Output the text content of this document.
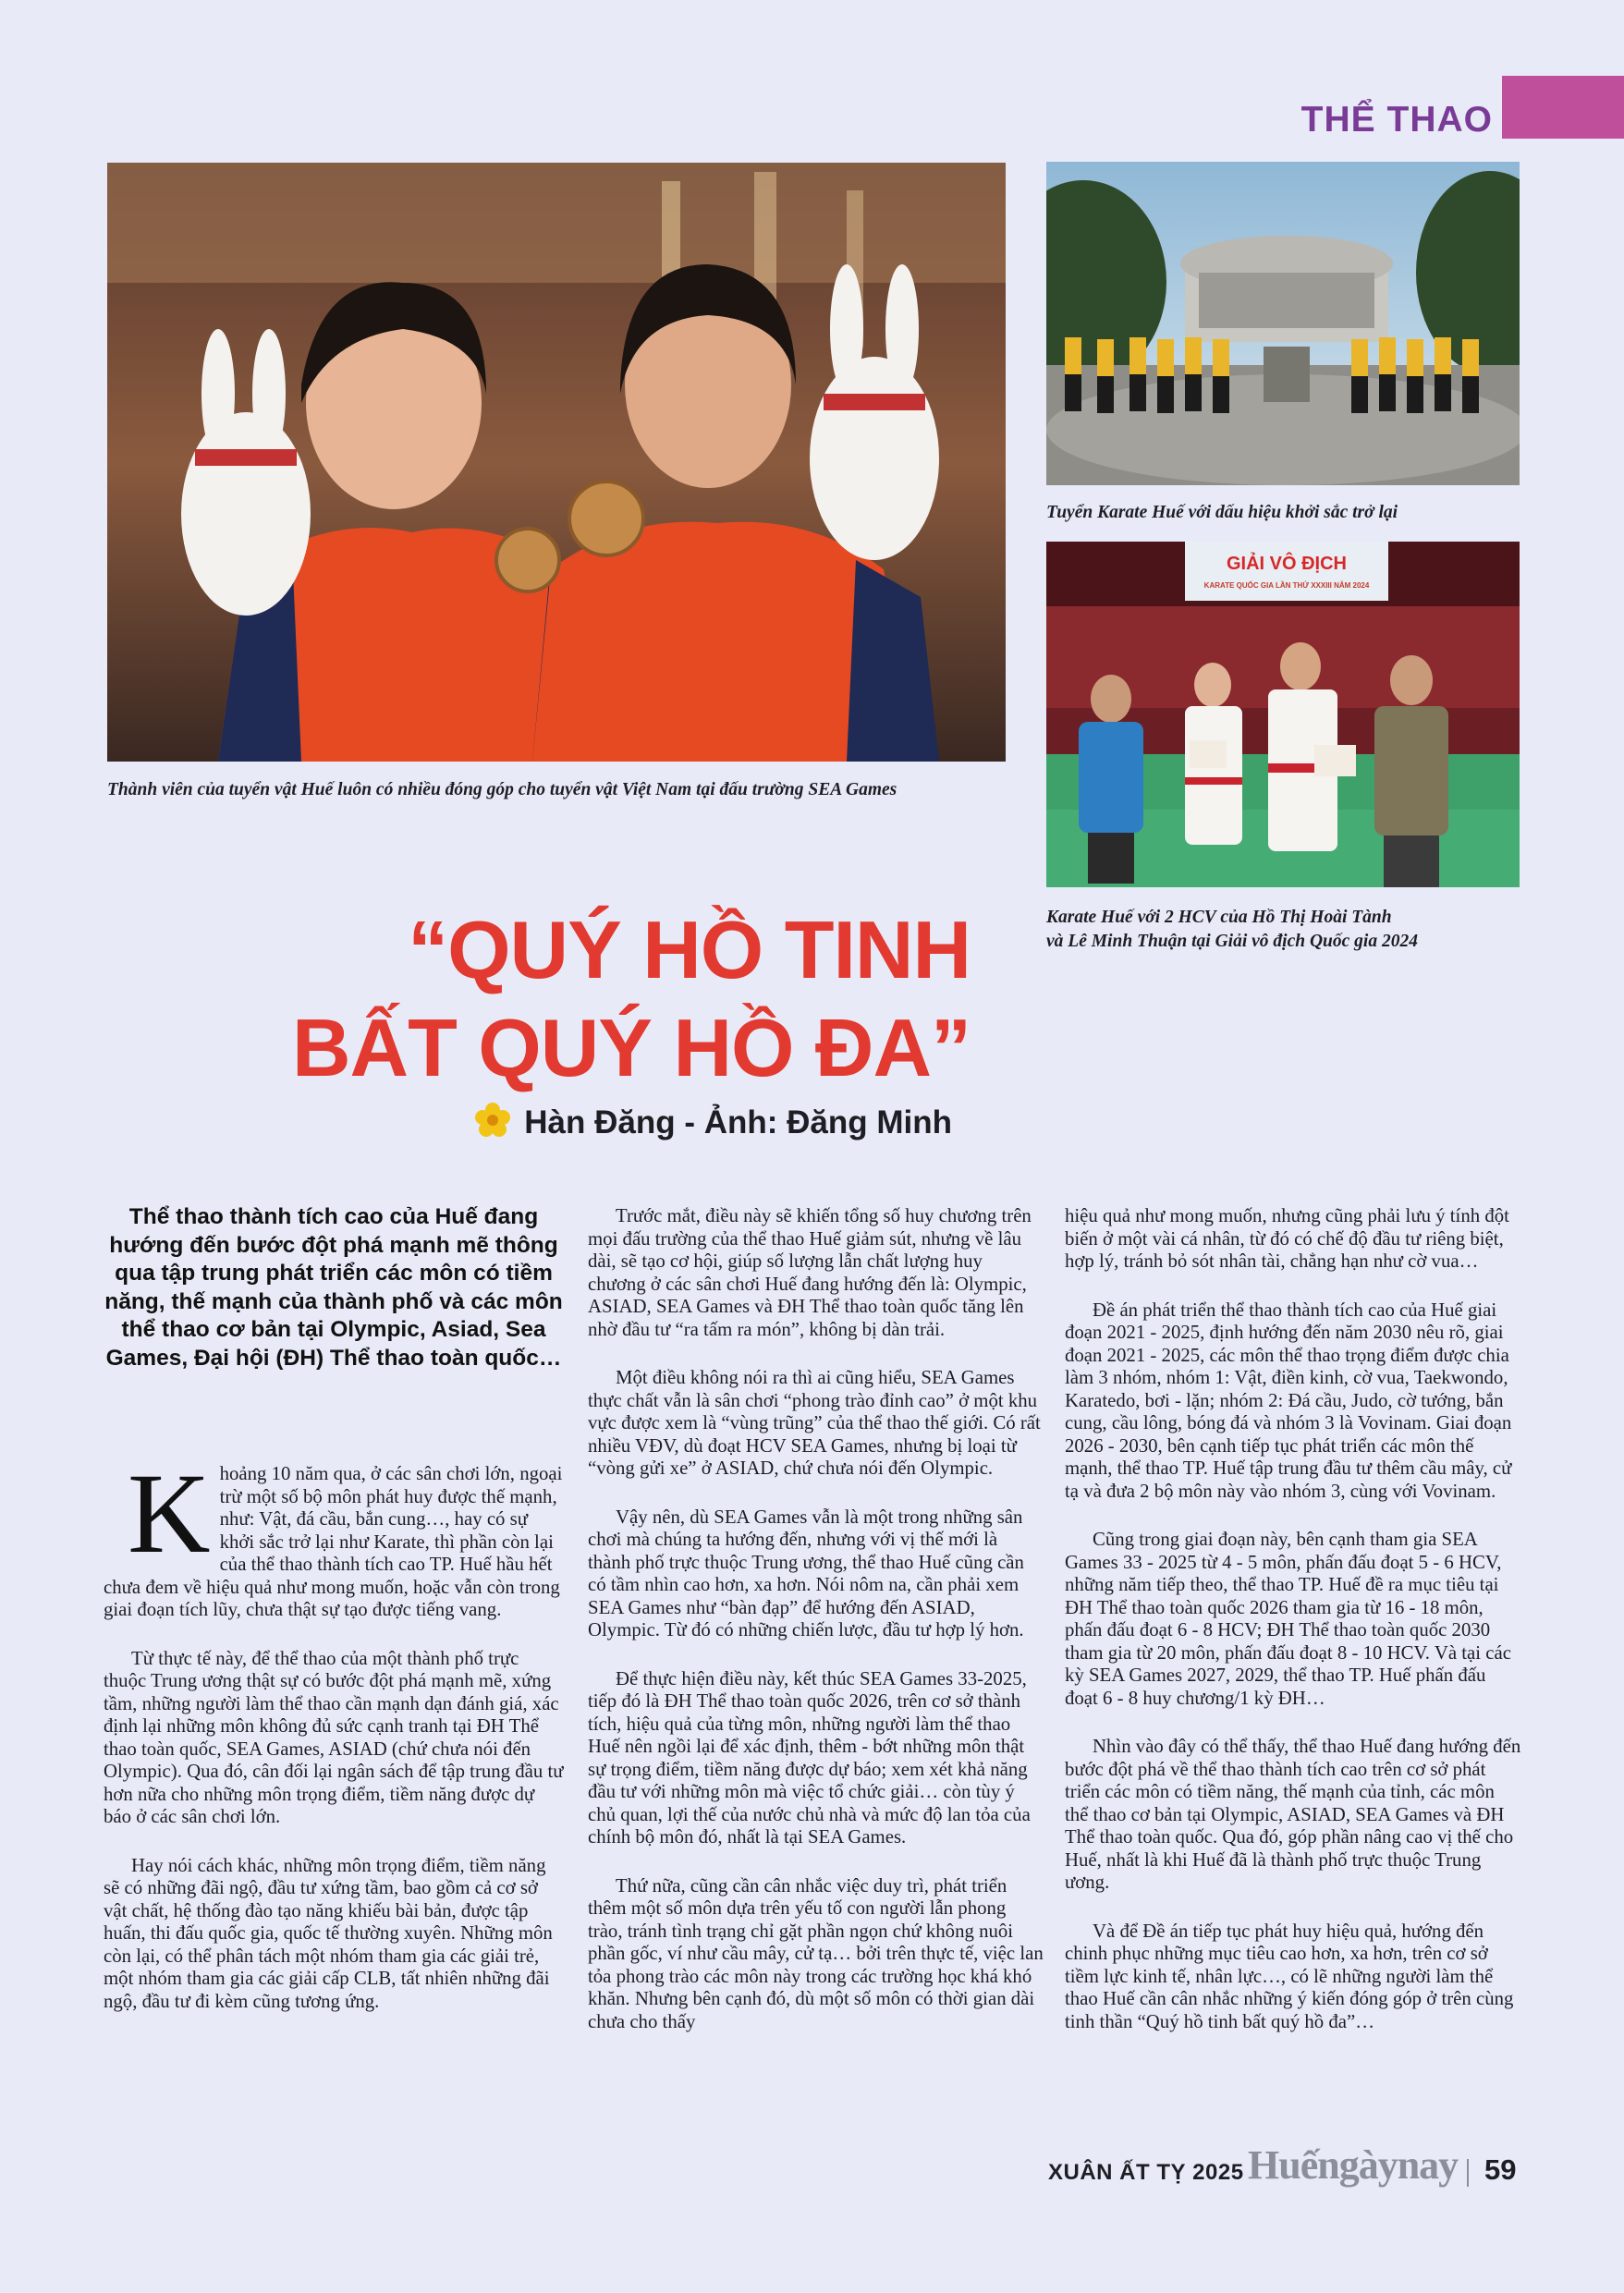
THỂ THAO
Thành viên của tuyển vật Huế luôn có nhiều đóng góp cho tuyển vật Việt Nam tại đấu trường SEA Games
Tuyển Karate Huế với dấu hiệu khởi sắc trở lại
GIẢI VÔ ĐỊCH
KARATE QUỐC GIA LẦN THỨ XXXIII NĂM 2024
Karate Huế với 2 HCV của Hồ Thị Hoài Tành
và Lê Minh Thuận tại Giải vô địch Quốc gia 2024
“QUÝ HỒ TINH
BẤT QUÝ HỒ ĐA”
Hàn Đăng - Ảnh: Đăng Minh
Thể thao thành tích cao của Huế đang hướng đến bước đột phá mạnh mẽ thông qua tập trung phát triển các môn có tiềm năng, thế mạnh của thành phố và các môn thể thao cơ bản tại Olympic, Asiad, Sea Games, Đại hội (ĐH) Thể thao toàn quốc…

Khoảng 10 năm qua, ở các sân chơi lớn, ngoại trừ một số bộ môn phát huy được thế mạnh, như: Vật, đá cầu, bắn cung…, hay có sự khởi sắc trở lại như Karate, thì phần còn lại của thể thao thành tích cao TP. Huế hầu hết chưa đem về hiệu quả như mong muốn, hoặc vẫn còn trong giai đoạn tích lũy, chưa thật sự tạo được tiếng vang.

Từ thực tế này, để thể thao của một thành phố trực thuộc Trung ương thật sự có bước đột phá mạnh mẽ, xứng tầm, những người làm thể thao cần mạnh dạn đánh giá, xác định lại những môn không đủ sức cạnh tranh tại ĐH Thể thao toàn quốc, SEA Games, ASIAD (chứ chưa nói đến Olympic). Qua đó, cân đối lại ngân sách để tập trung đầu tư hơn nữa cho những môn trọng điểm, tiềm năng được dự báo ở các sân chơi lớn.

Hay nói cách khác, những môn trọng điểm, tiềm năng sẽ có những đãi ngộ, đầu tư xứng tầm, bao gồm cả cơ sở vật chất, hệ thống đào tạo năng khiếu bài bản, được tập huấn, thi đấu quốc gia, quốc tế thường xuyên. Những môn còn lại, có thể phân tách một nhóm tham gia các giải trẻ, một nhóm tham gia các giải cấp CLB, tất nhiên những đãi ngộ, đầu tư đi kèm cũng tương ứng.

Trước mắt, điều này sẽ khiến tổng số huy chương trên mọi đấu trường của thể thao Huế giảm sút, nhưng về lâu dài, sẽ tạo cơ hội, giúp số lượng lẫn chất lượng huy chương ở các sân chơi Huế đang hướng đến là: Olympic, ASIAD, SEA Games và ĐH Thể thao toàn quốc tăng lên nhờ đầu tư “ra tấm ra món”, không bị dàn trải.

Một điều không nói ra thì ai cũng hiểu, SEA Games thực chất vẫn là sân chơi “phong trào đỉnh cao” ở một khu vực được xem là “vùng trũng” của thể thao thế giới. Có rất nhiều VĐV, dù đoạt HCV SEA Games, nhưng bị loại từ “vòng gửi xe” ở ASIAD, chứ chưa nói đến Olympic.

Vậy nên, dù SEA Games vẫn là một trong những sân chơi mà chúng ta hướng đến, nhưng với vị thế mới là thành phố trực thuộc Trung ương, thể thao Huế cũng cần có tầm nhìn cao hơn, xa hơn. Nói nôm na, cần phải xem SEA Games như “bàn đạp” để hướng đến ASIAD, Olympic. Từ đó có những chiến lược, đầu tư hợp lý hơn.

Để thực hiện điều này, kết thúc SEA Games 33-2025, tiếp đó là ĐH Thể thao toàn quốc 2026, trên cơ sở thành tích, hiệu quả của từng môn, những người làm thể thao Huế nên ngồi lại để xác định, thêm - bớt những môn thật sự trọng điểm, tiềm năng được dự báo; xem xét khả năng đầu tư với những môn mà việc tổ chức giải… còn tùy ý chủ quan, lợi thế của nước chủ nhà và mức độ lan tỏa của chính bộ môn đó, nhất là tại SEA Games.

Thứ nữa, cũng cần cân nhắc việc duy trì, phát triển thêm một số môn dựa trên yếu tố con người lẫn phong trào, tránh tình trạng chỉ gặt phần ngọn chứ không nuôi phần gốc, ví như cầu mây, cử tạ… bởi trên thực tế, việc lan tỏa phong trào các môn này trong các trường học khá khó khăn. Nhưng bên cạnh đó, dù một số môn có thời gian dài chưa cho thấy

hiệu quả như mong muốn, nhưng cũng phải lưu ý tính đột biến ở một vài cá nhân, từ đó có chế độ đầu tư riêng biệt, hợp lý, tránh bỏ sót nhân tài, chẳng hạn như cờ vua…

Đề án phát triển thể thao thành tích cao của Huế giai đoạn 2021 - 2025, định hướng đến năm 2030 nêu rõ, giai đoạn 2021 - 2025, các môn thể thao trọng điểm được chia làm 3 nhóm, nhóm 1: Vật, điền kinh, cờ vua, Taekwondo, Karatedo, bơi - lặn; nhóm 2: Đá cầu, Judo, cờ tướng, bắn cung, cầu lông, bóng đá và nhóm 3 là Vovinam. Giai đoạn 2026 - 2030, bên cạnh tiếp tục phát triển các môn thế mạnh, thể thao TP. Huế tập trung đầu tư thêm cầu mây, cử tạ và đưa 2 bộ môn này vào nhóm 3, cùng với Vovinam.

Cũng trong giai đoạn này, bên cạnh tham gia SEA Games 33 - 2025 từ 4 - 5 môn, phấn đấu đoạt 5 - 6 HCV, những năm tiếp theo, thể thao TP. Huế đề ra mục tiêu tại ĐH Thể thao toàn quốc 2026 tham gia từ 16 - 18 môn, phấn đấu đoạt 6 - 8 HCV; ĐH Thể thao toàn quốc 2030 tham gia từ 20 môn, phấn đấu đoạt 8 - 10 HCV. Và tại các kỳ SEA Games 2027, 2029, thể thao TP. Huế phấn đấu đoạt 6 - 8 huy chương/1 kỳ ĐH…

Nhìn vào đây có thể thấy, thể thao Huế đang hướng đến bước đột phá về thể thao thành tích cao trên cơ sở phát triển các môn có tiềm năng, thế mạnh của tỉnh, các môn thể thao cơ bản tại Olympic, ASIAD, SEA Games và ĐH Thể thao toàn quốc. Qua đó, góp phần nâng cao vị thế cho Huế, nhất là khi Huế đã là thành phố trực thuộc Trung ương.

Và để Đề án tiếp tục phát huy hiệu quả, hướng đến chinh phục những mục tiêu cao hơn, xa hơn, trên cơ sở tiềm lực kinh tế, nhân lực…, có lẽ những người làm thể thao Huế cần cân nhắc những ý kiến đóng góp ở trên cùng tinh thần “Quý hồ tinh bất quý hồ đa”…

XUÂN ẤT TỴ 2025 Huếngàynay 59
